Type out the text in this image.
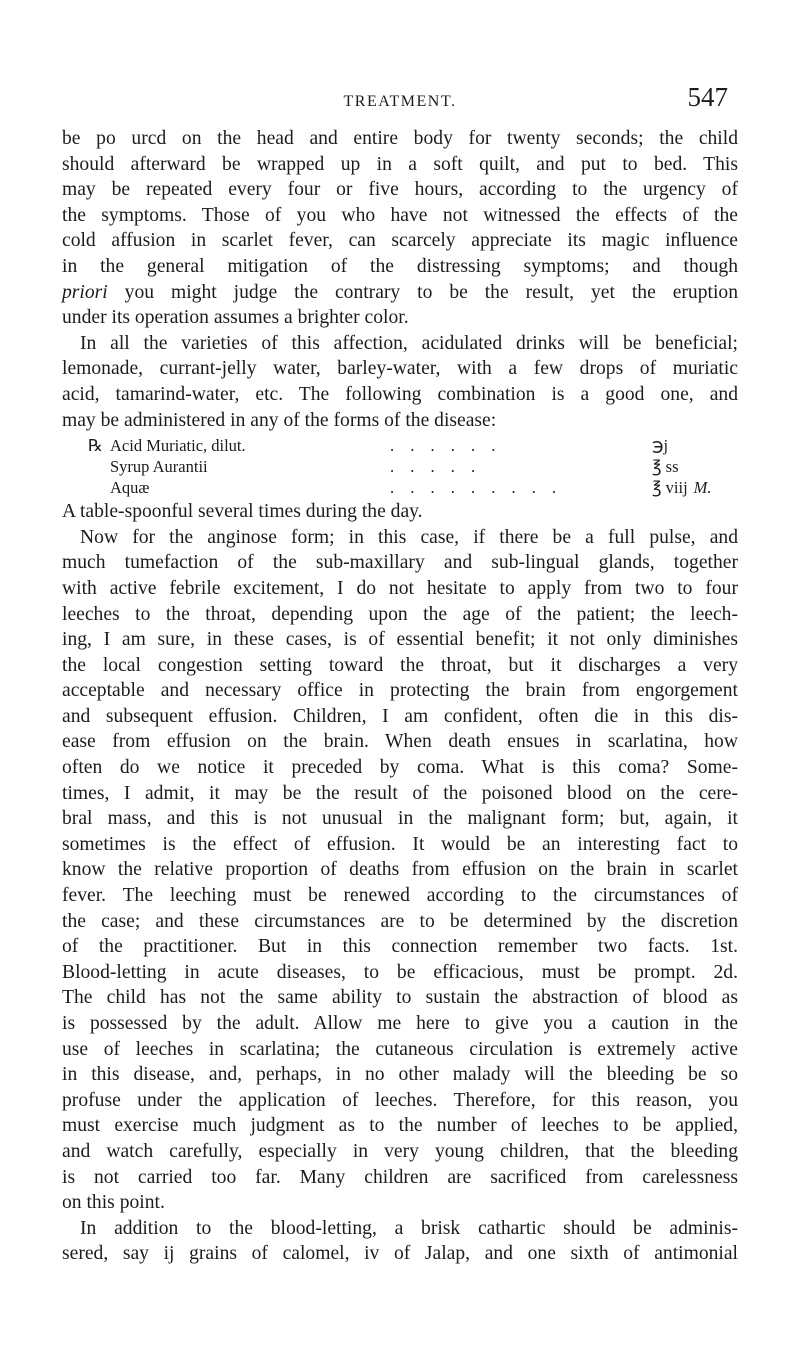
TREATMENT.	547
be po urcd on the head and entire body for twenty seconds; the child
should afterward be wrapped up in a soft quilt, and put to bed. This
may be repeated every four or five hours, according to the urgency of
the symptoms. Those of you who have not witnessed the effects of the
cold affusion in scarlet fever, can scarcely appreciate its magic influence
in the general mitigation of the distressing symptoms; and though
priori you might judge the contrary to be the result, yet the eruption
under its operation assumes a brighter color.
In all the varieties of this affection, acidulated drinks will be beneficial;
lemonade, currant-jelly water, barley-water, with a few drops of muriatic
acid, tamarind-water, etc. The following combination is a good one, and
may be administered in any of the forms of the disease:
℞ Acid Muriatic, dilut.	. . . . . .	℈j
Syrup Aurantii	. . . . .	℥ ss
Aquæ	. . . . . . . . .	℥ viij M.
A table-spoonful several times during the day.
Now for the anginose form; in this case, if there be a full pulse, and
much tumefaction of the sub-maxillary and sub-lingual glands, together
with active febrile excitement, I do not hesitate to apply from two to four
leeches to the throat, depending upon the age of the patient; the leech-
ing, I am sure, in these cases, is of essential benefit; it not only diminishes
the local congestion setting toward the throat, but it discharges a very
acceptable and necessary office in protecting the brain from engorgement
and subsequent effusion. Children, I am confident, often die in this dis-
ease from effusion on the brain. When death ensues in scarlatina, how
often do we notice it preceded by coma. What is this coma? Some-
times, I admit, it may be the result of the poisoned blood on the cere-
bral mass, and this is not unusual in the malignant form; but, again, it
sometimes is the effect of effusion. It would be an interesting fact to
know the relative proportion of deaths from effusion on the brain in scarlet
fever. The leeching must be renewed according to the circumstances of
the case; and these circumstances are to be determined by the discretion
of the practitioner. But in this connection remember two facts. 1st.
Blood-letting in acute diseases, to be efficacious, must be prompt. 2d.
The child has not the same ability to sustain the abstraction of blood as
is possessed by the adult. Allow me here to give you a caution in the
use of leeches in scarlatina; the cutaneous circulation is extremely active
in this disease, and, perhaps, in no other malady will the bleeding be so
profuse under the application of leeches. Therefore, for this reason, you
must exercise much judgment as to the number of leeches to be applied,
and watch carefully, especially in very young children, that the bleeding
is not carried too far. Many children are sacrificed from carelessness
on this point.
In addition to the blood-letting, a brisk cathartic should be adminis-
sered, say ij grains of calomel, iv of Jalap, and one sixth of antimonial
